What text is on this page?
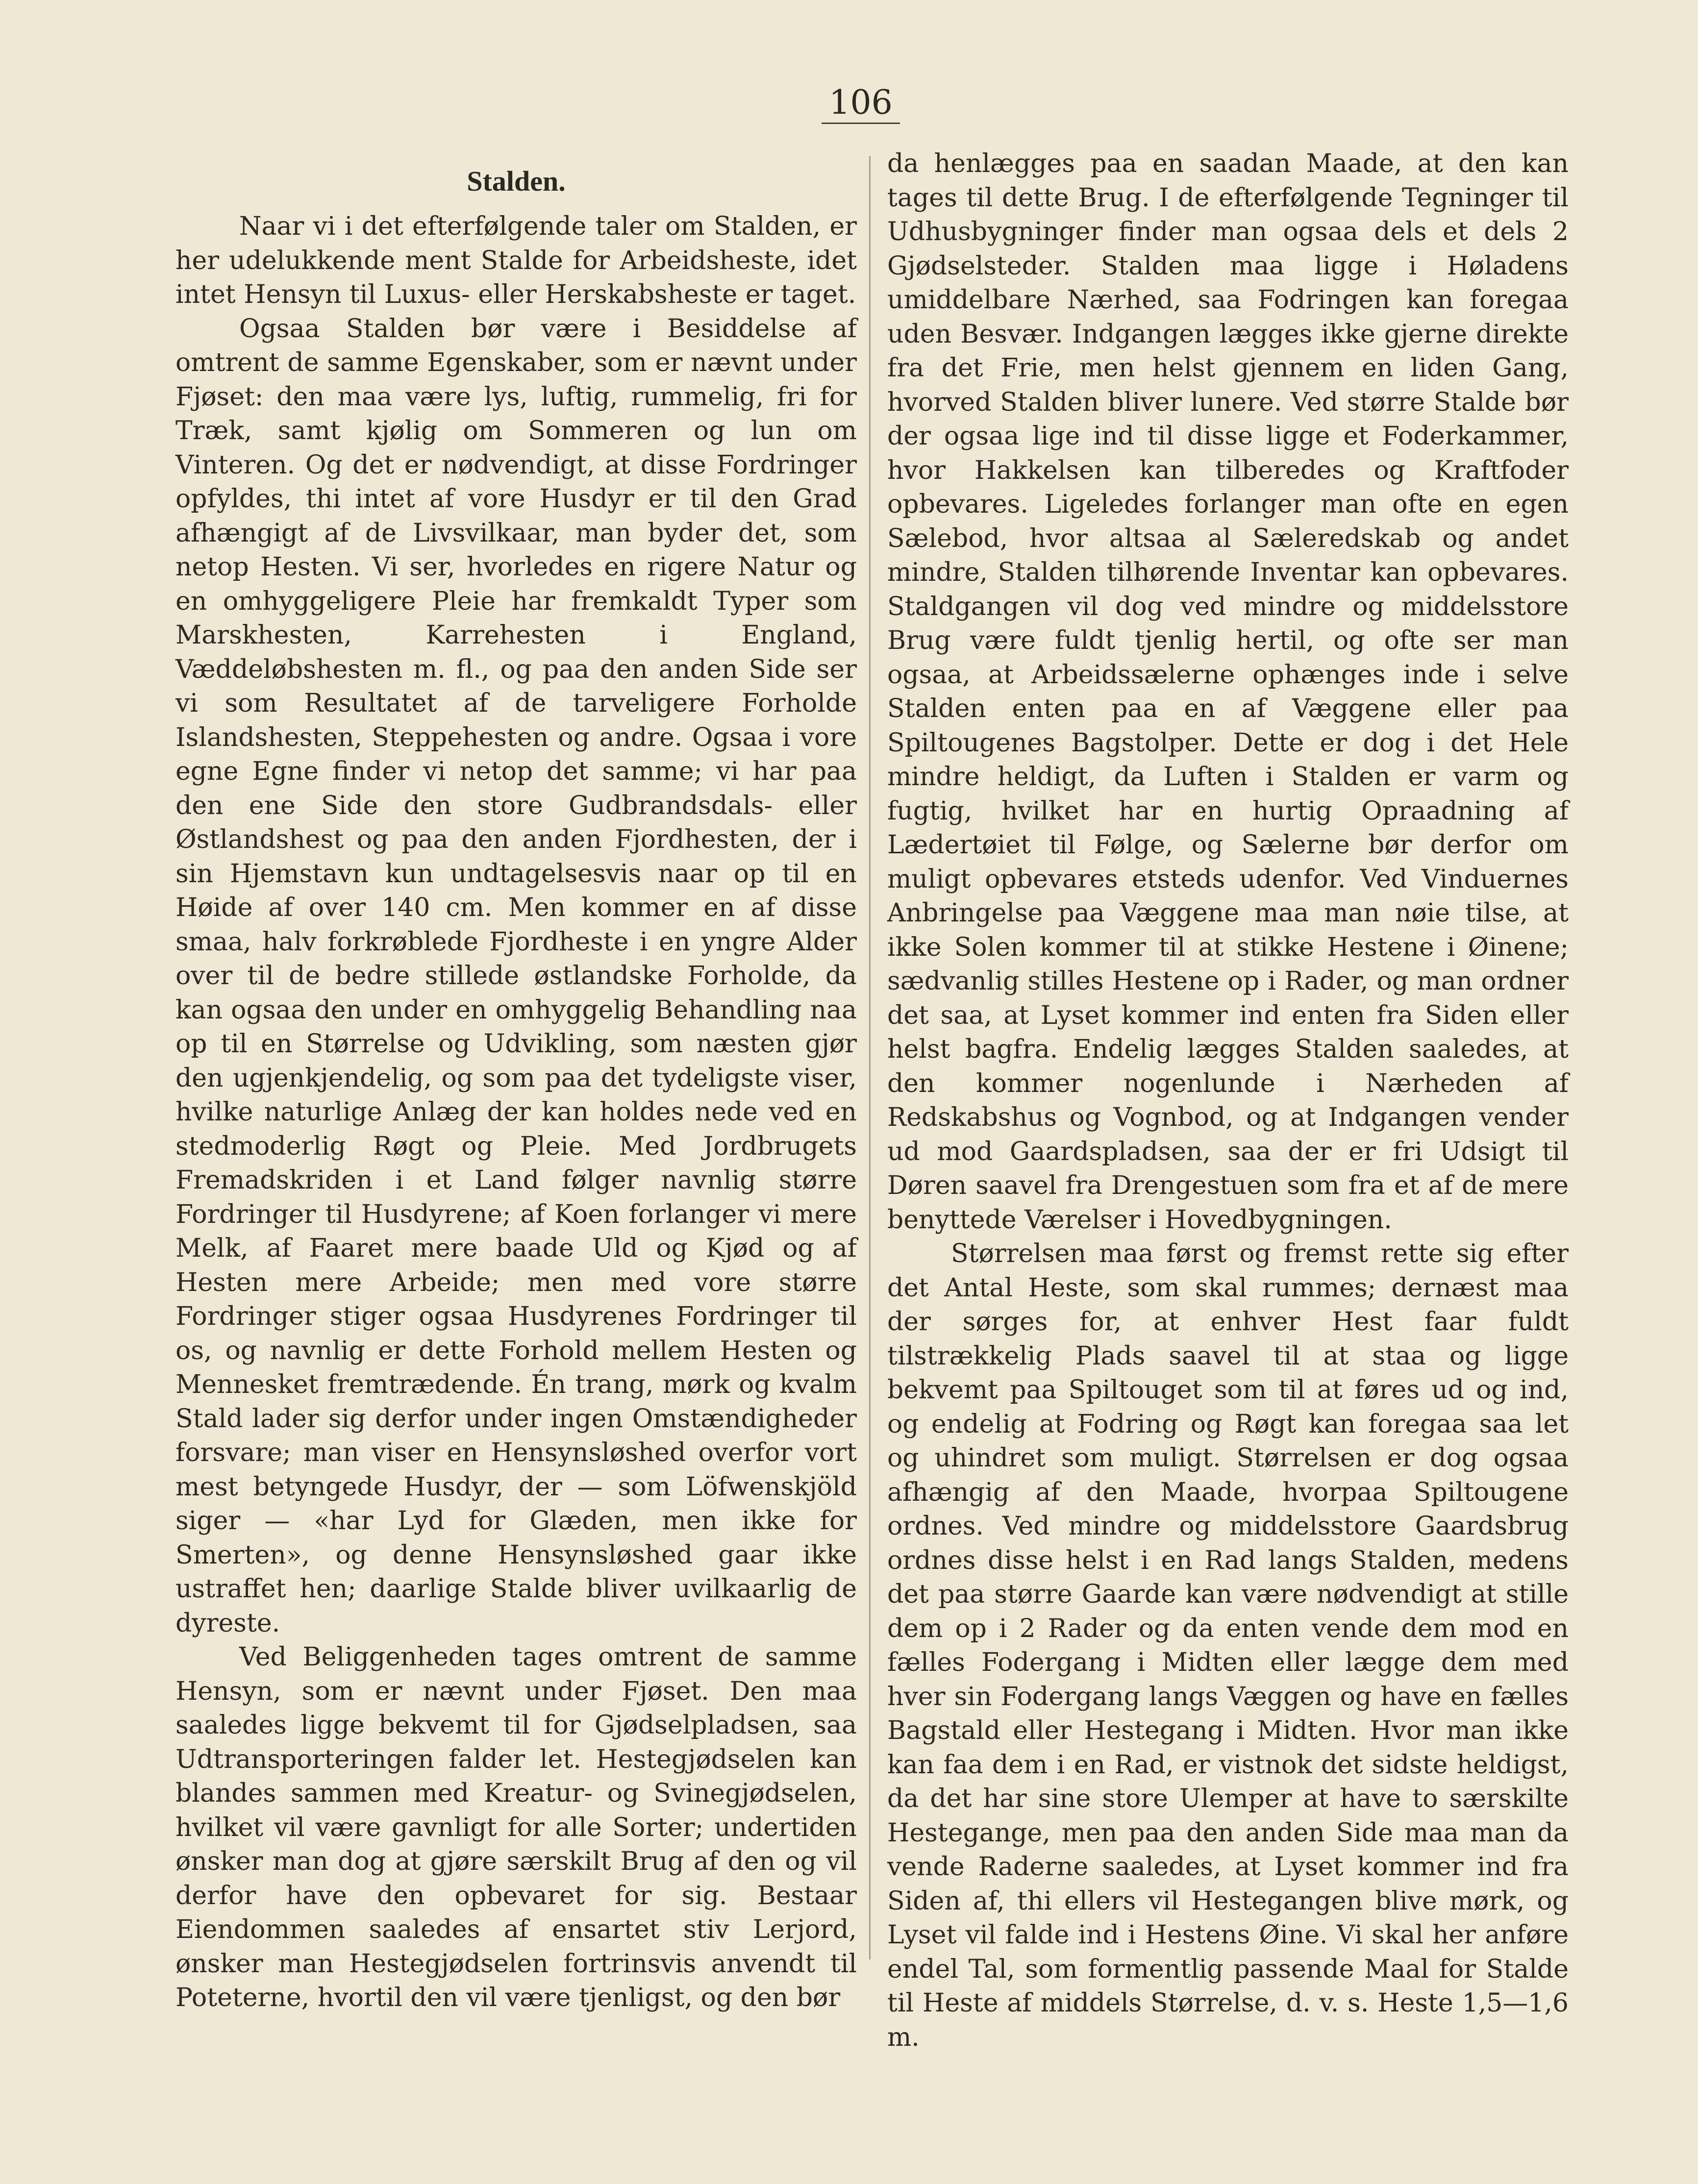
106
Stalden.

Naar vi i det efterfølgende taler om Stalden, er her udelukkende ment Stalde for Arbeidsheste, idet intet Hensyn til Luxus- eller Herskabsheste er taget.

Ogsaa Stalden bør være i Besiddelse af omtrent de samme Egenskaber, som er nævnt under Fjøset: den maa være lys, luftig, rummelig, fri for Træk, samt kjølig om Sommeren og lun om Vinteren. Og det er nødvendigt, at disse Fordringer opfyldes, thi intet af vore Husdyr er til den Grad afhængigt af de Livsvilkaar, man byder det, som netop Hesten. Vi ser, hvorledes en rigere Natur og en omhyggeligere Pleie har fremkaldt Typer som Marskhesten, Karrehesten i England, Væddeløbshesten m. fl., og paa den anden Side ser vi som Resultatet af de tarveligere Forholde Islandshesten, Steppehesten og andre. Ogsaa i vore egne Egne finder vi netop det samme; vi har paa den ene Side den store Gudbrandsdals- eller Østlandshest og paa den anden Fjordhesten, der i sin Hjemstavn kun undtagelsesvis naar op til en Høide af over 140 cm. Men kommer en af disse smaa, halv forkrøblede Fjordheste i en yngre Alder over til de bedre stillede østlandske Forholde, da kan ogsaa den under en omhyggelig Behandling naa op til en Størrelse og Udvikling, som næsten gjør den ugjenkjendelig, og som paa det tydeligste viser, hvilke naturlige Anlæg der kan holdes nede ved en stedmoderlig Røgt og Pleie. Med Jordbrugets Fremadskriden i et Land følger navnlig større Fordringer til Husdyrene; af Koen forlanger vi mere Melk, af Faaret mere baade Uld og Kjød og af Hesten mere Arbeide; men med vore større Fordringer stiger ogsaa Husdyrenes Fordringer til os, og navnlig er dette Forhold mellem Hesten og Mennesket fremtrædende. Én trang, mørk og kvalm Stald lader sig derfor under ingen Omstændigheder forsvare; man viser en Hensynsløshed overfor vort mest betyngede Husdyr, der — som Löfwenskjöld siger — «har Lyd for Glæden, men ikke for Smerten», og denne Hensynsløshed gaar ikke ustraffet hen; daarlige Stalde bliver uvilkaarlig de dyreste.

Ved Beliggenheden tages omtrent de samme Hensyn, som er nævnt under Fjøset. Den maa saaledes ligge bekvemt til for Gjødselpladsen, saa Udtransporteringen falder let. Hestegjødselen kan blandes sammen med Kreatur- og Svinegjødselen, hvilket vil være gavnligt for alle Sorter; undertiden ønsker man dog at gjøre særskilt Brug af den og vil derfor have den opbevaret for sig. Bestaar Eiendommen saaledes af ensartet stiv Lerjord, ønsker man Hestegjødselen fortrinsvis anvendt til Poteterne, hvortil den vil være tjenligst, og den bør

da henlægges paa en saadan Maade, at den kan tages til dette Brug. I de efterfølgende Tegninger til Udhusbygninger finder man ogsaa dels et dels 2 Gjødselsteder. Stalden maa ligge i Høladens umiddelbare Nærhed, saa Fodringen kan foregaa uden Besvær. Indgangen lægges ikke gjerne direkte fra det Frie, men helst gjennem en liden Gang, hvorved Stalden bliver lunere. Ved større Stalde bør der ogsaa lige ind til disse ligge et Foderkammer, hvor Hakkelsen kan tilberedes og Kraftfoder opbevares. Ligeledes forlanger man ofte en egen Sælebod, hvor altsaa al Sæleredskab og andet mindre, Stalden tilhørende Inventar kan opbevares. Staldgangen vil dog ved mindre og middelsstore Brug være fuldt tjenlig hertil, og ofte ser man ogsaa, at Arbeidssælerne ophænges inde i selve Stalden enten paa en af Væggene eller paa Spiltougenes Bagstolper. Dette er dog i det Hele mindre heldigt, da Luften i Stalden er varm og fugtig, hvilket har en hurtig Opraadning af Lædertøiet til Følge, og Sælerne bør derfor om muligt opbevares etsteds udenfor. Ved Vinduernes Anbringelse paa Væggene maa man nøie tilse, at ikke Solen kommer til at stikke Hestene i Øinene; sædvanlig stilles Hestene op i Rader, og man ordner det saa, at Lyset kommer ind enten fra Siden eller helst bagfra. Endelig lægges Stalden saaledes, at den kommer nogenlunde i Nærheden af Redskabshus og Vognbod, og at Indgangen vender ud mod Gaardspladsen, saa der er fri Udsigt til Døren saavel fra Drengestuen som fra et af de mere benyttede Værelser i Hovedbygningen.

Størrelsen maa først og fremst rette sig efter det Antal Heste, som skal rummes; dernæst maa der sørges for, at enhver Hest faar fuldt tilstrækkelig Plads saavel til at staa og ligge bekvemt paa Spiltouget som til at føres ud og ind, og endelig at Fodring og Røgt kan foregaa saa let og uhindret som muligt. Størrelsen er dog ogsaa afhængig af den Maade, hvorpaa Spiltougene ordnes. Ved mindre og middelsstore Gaardsbrug ordnes disse helst i en Rad langs Stalden, medens det paa større Gaarde kan være nødvendigt at stille dem op i 2 Rader og da enten vende dem mod en fælles Fodergang i Midten eller lægge dem med hver sin Fodergang langs Væggen og have en fælles Bagstald eller Hestegang i Midten. Hvor man ikke kan faa dem i en Rad, er vistnok det sidste heldigst, da det har sine store Ulemper at have to særskilte Hestegange, men paa den anden Side maa man da vende Raderne saaledes, at Lyset kommer ind fra Siden af, thi ellers vil Hestegangen blive mørk, og Lyset vil falde ind i Hestens Øine. Vi skal her anføre endel Tal, som formentlig passende Maal for Stalde til Heste af middels Størrelse, d. v. s. Heste 1,5—1,6 m.
